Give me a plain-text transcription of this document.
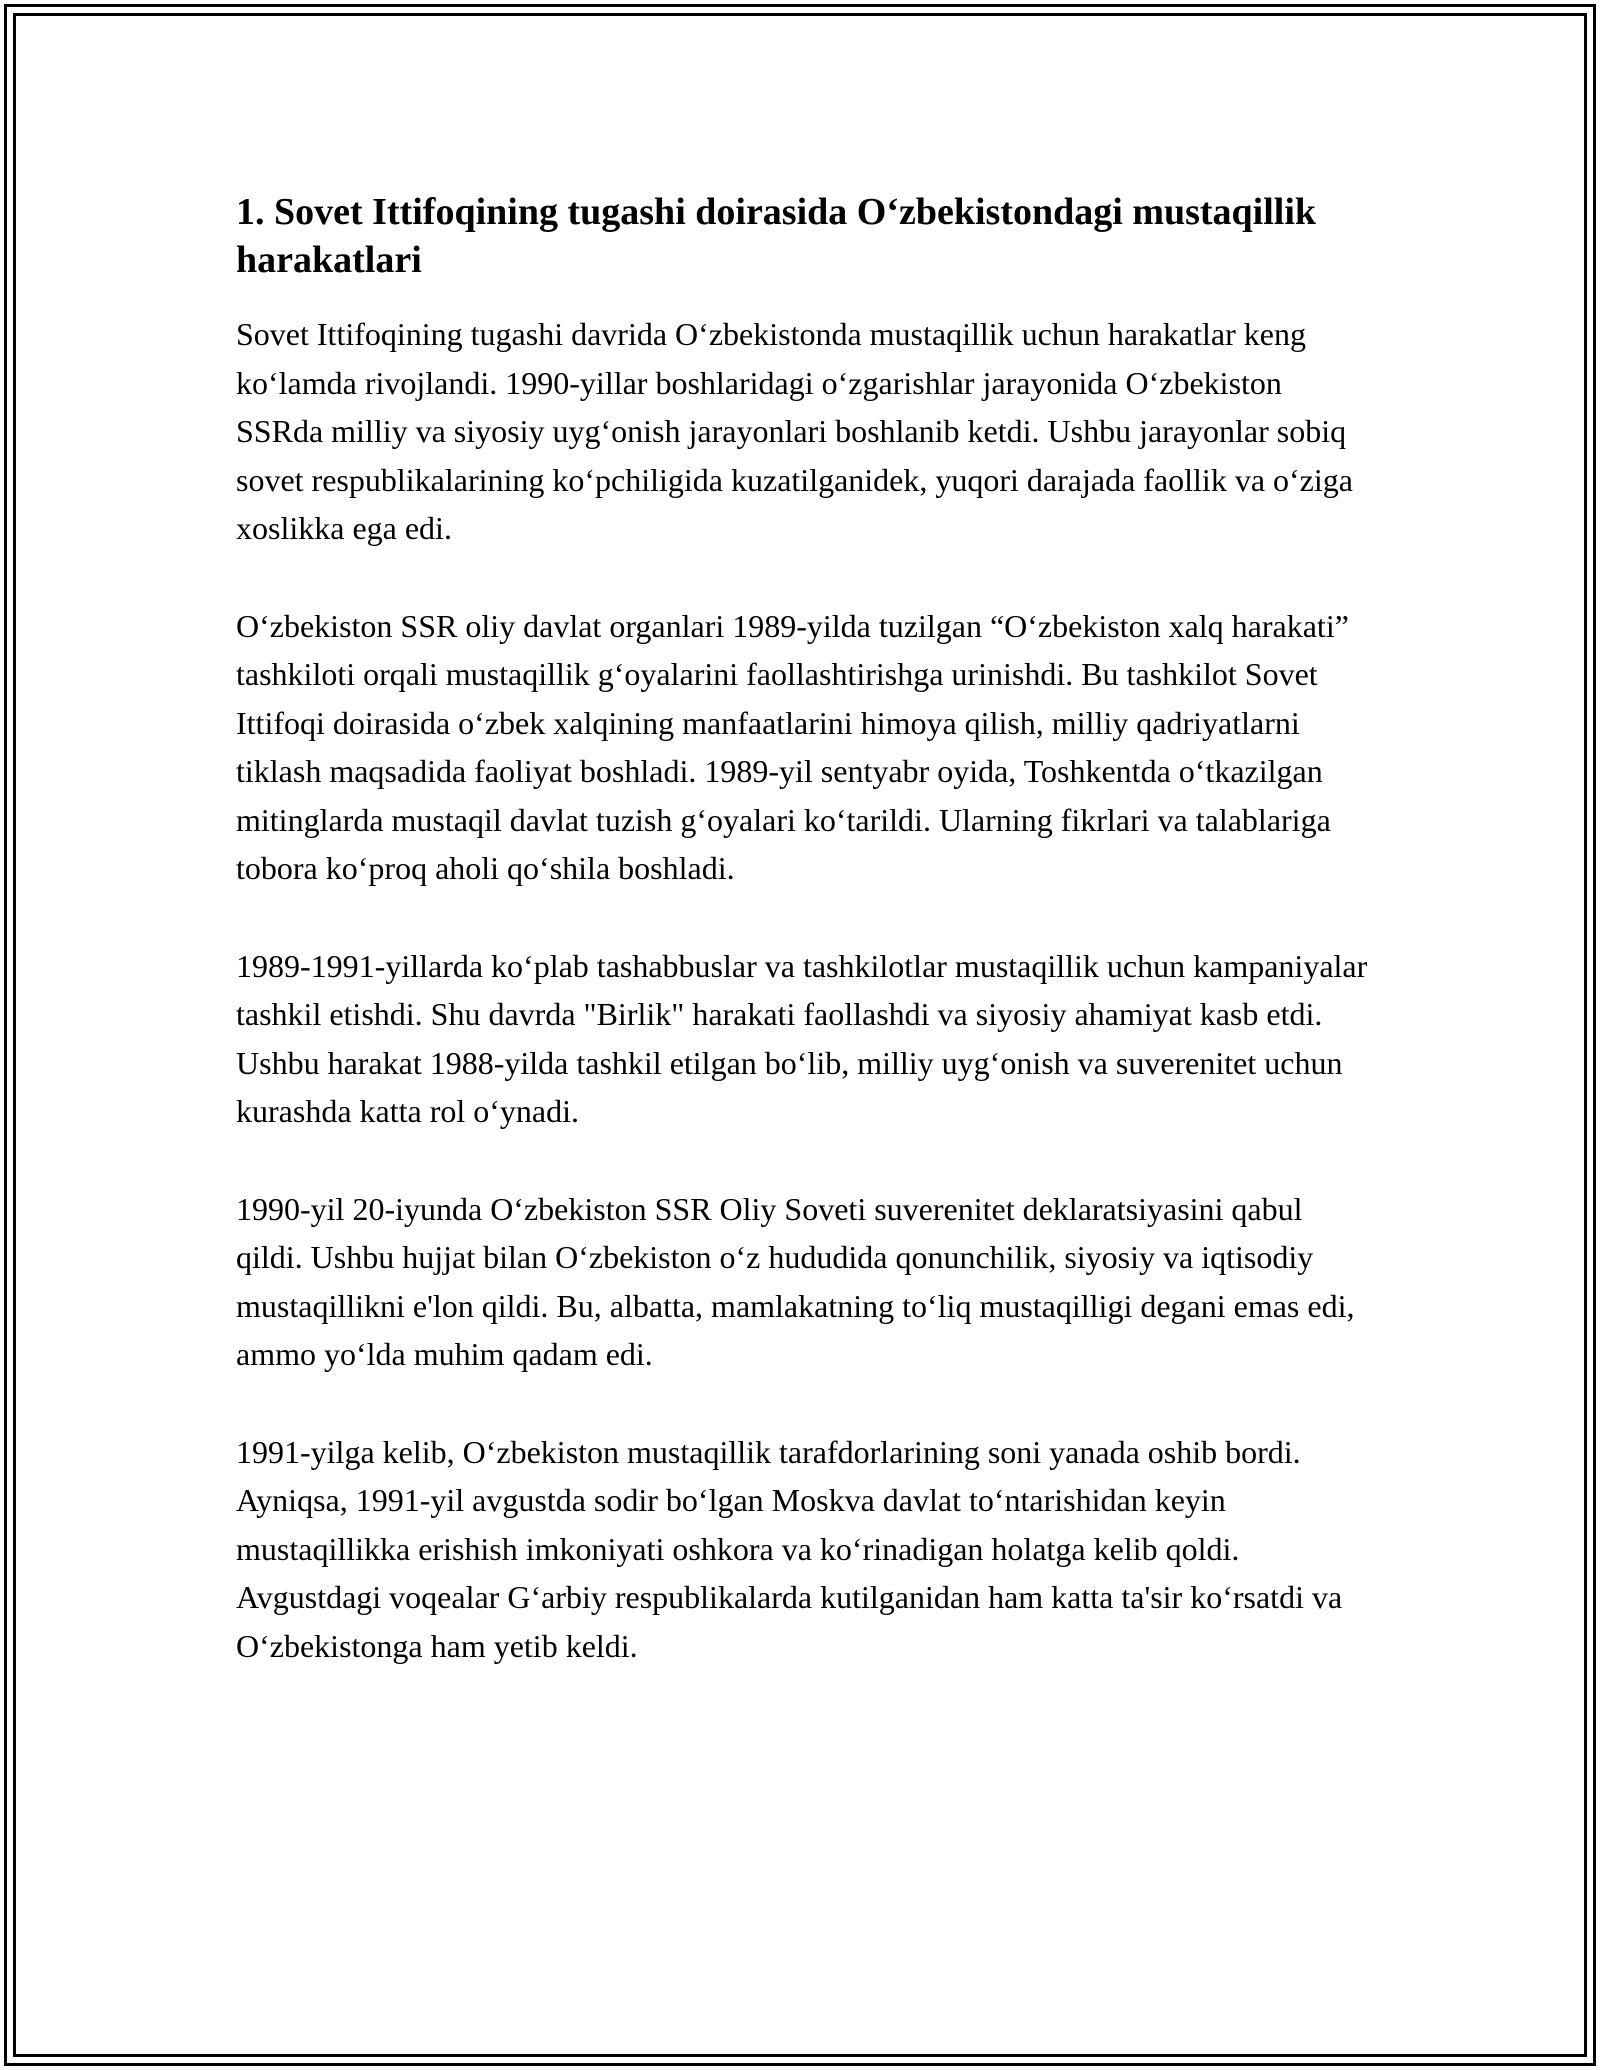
1. Sovet Ittifoqining tugashi doirasida O‘zbekistondagi mustaqillik harakatlari

Sovet Ittifoqining tugashi davrida O‘zbekistonda mustaqillik uchun harakatlar keng ko‘lamda rivojlandi. 1990-yillar boshlaridagi o‘zgarishlar jarayonida O‘zbekiston SSRda milliy va siyosiy uyg‘onish jarayonlari boshlanib ketdi. Ushbu jarayonlar sobiq sovet respublikalarining ko‘pchiligida kuzatilganidek, yuqori darajada faollik va o‘ziga xoslikka ega edi.

O‘zbekiston SSR oliy davlat organlari 1989-yilda tuzilgan “O‘zbekiston xalq harakati” tashkiloti orqali mustaqillik g‘oyalarini faollashtirishga urinishdi. Bu tashkilot Sovet Ittifoqi doirasida o‘zbek xalqining manfaatlarini himoya qilish, milliy qadriyatlarni tiklash maqsadida faoliyat boshladi. 1989-yil sentyabr oyida, Toshkentda o‘tkazilgan mitinglarda mustaqil davlat tuzish g‘oyalari ko‘tarildi. Ularning fikrlari va talablariga tobora ko‘proq aholi qo‘shila boshladi.

1989-1991-yillarda ko‘plab tashabbuslar va tashkilotlar mustaqillik uchun kampaniyalar tashkil etishdi. Shu davrda "Birlik" harakati faollashdi va siyosiy ahamiyat kasb etdi. Ushbu harakat 1988-yilda tashkil etilgan bo‘lib, milliy uyg‘onish va suverenitet uchun kurashda katta rol o‘ynadi.

1990-yil 20-iyunda O‘zbekiston SSR Oliy Soveti suverenitet deklaratsiyasini qabul qildi. Ushbu hujjat bilan O‘zbekiston o‘z hududida qonunchilik, siyosiy va iqtisodiy mustaqillikni e'lon qildi. Bu, albatta, mamlakatning to‘liq mustaqilligi degani emas edi, ammo yo‘lda muhim qadam edi.

1991-yilga kelib, O‘zbekiston mustaqillik tarafdorlarining soni yanada oshib bordi. Ayniqsa, 1991-yil avgustda sodir bo‘lgan Moskva davlat to‘ntarishidan keyin mustaqillikka erishish imkoniyati oshkora va ko‘rinadigan holatga kelib qoldi. Avgustdagi voqealar G‘arbiy respublikalarda kutilganidan ham katta ta'sir ko‘rsatdi va O‘zbekistonga ham yetib keldi.
